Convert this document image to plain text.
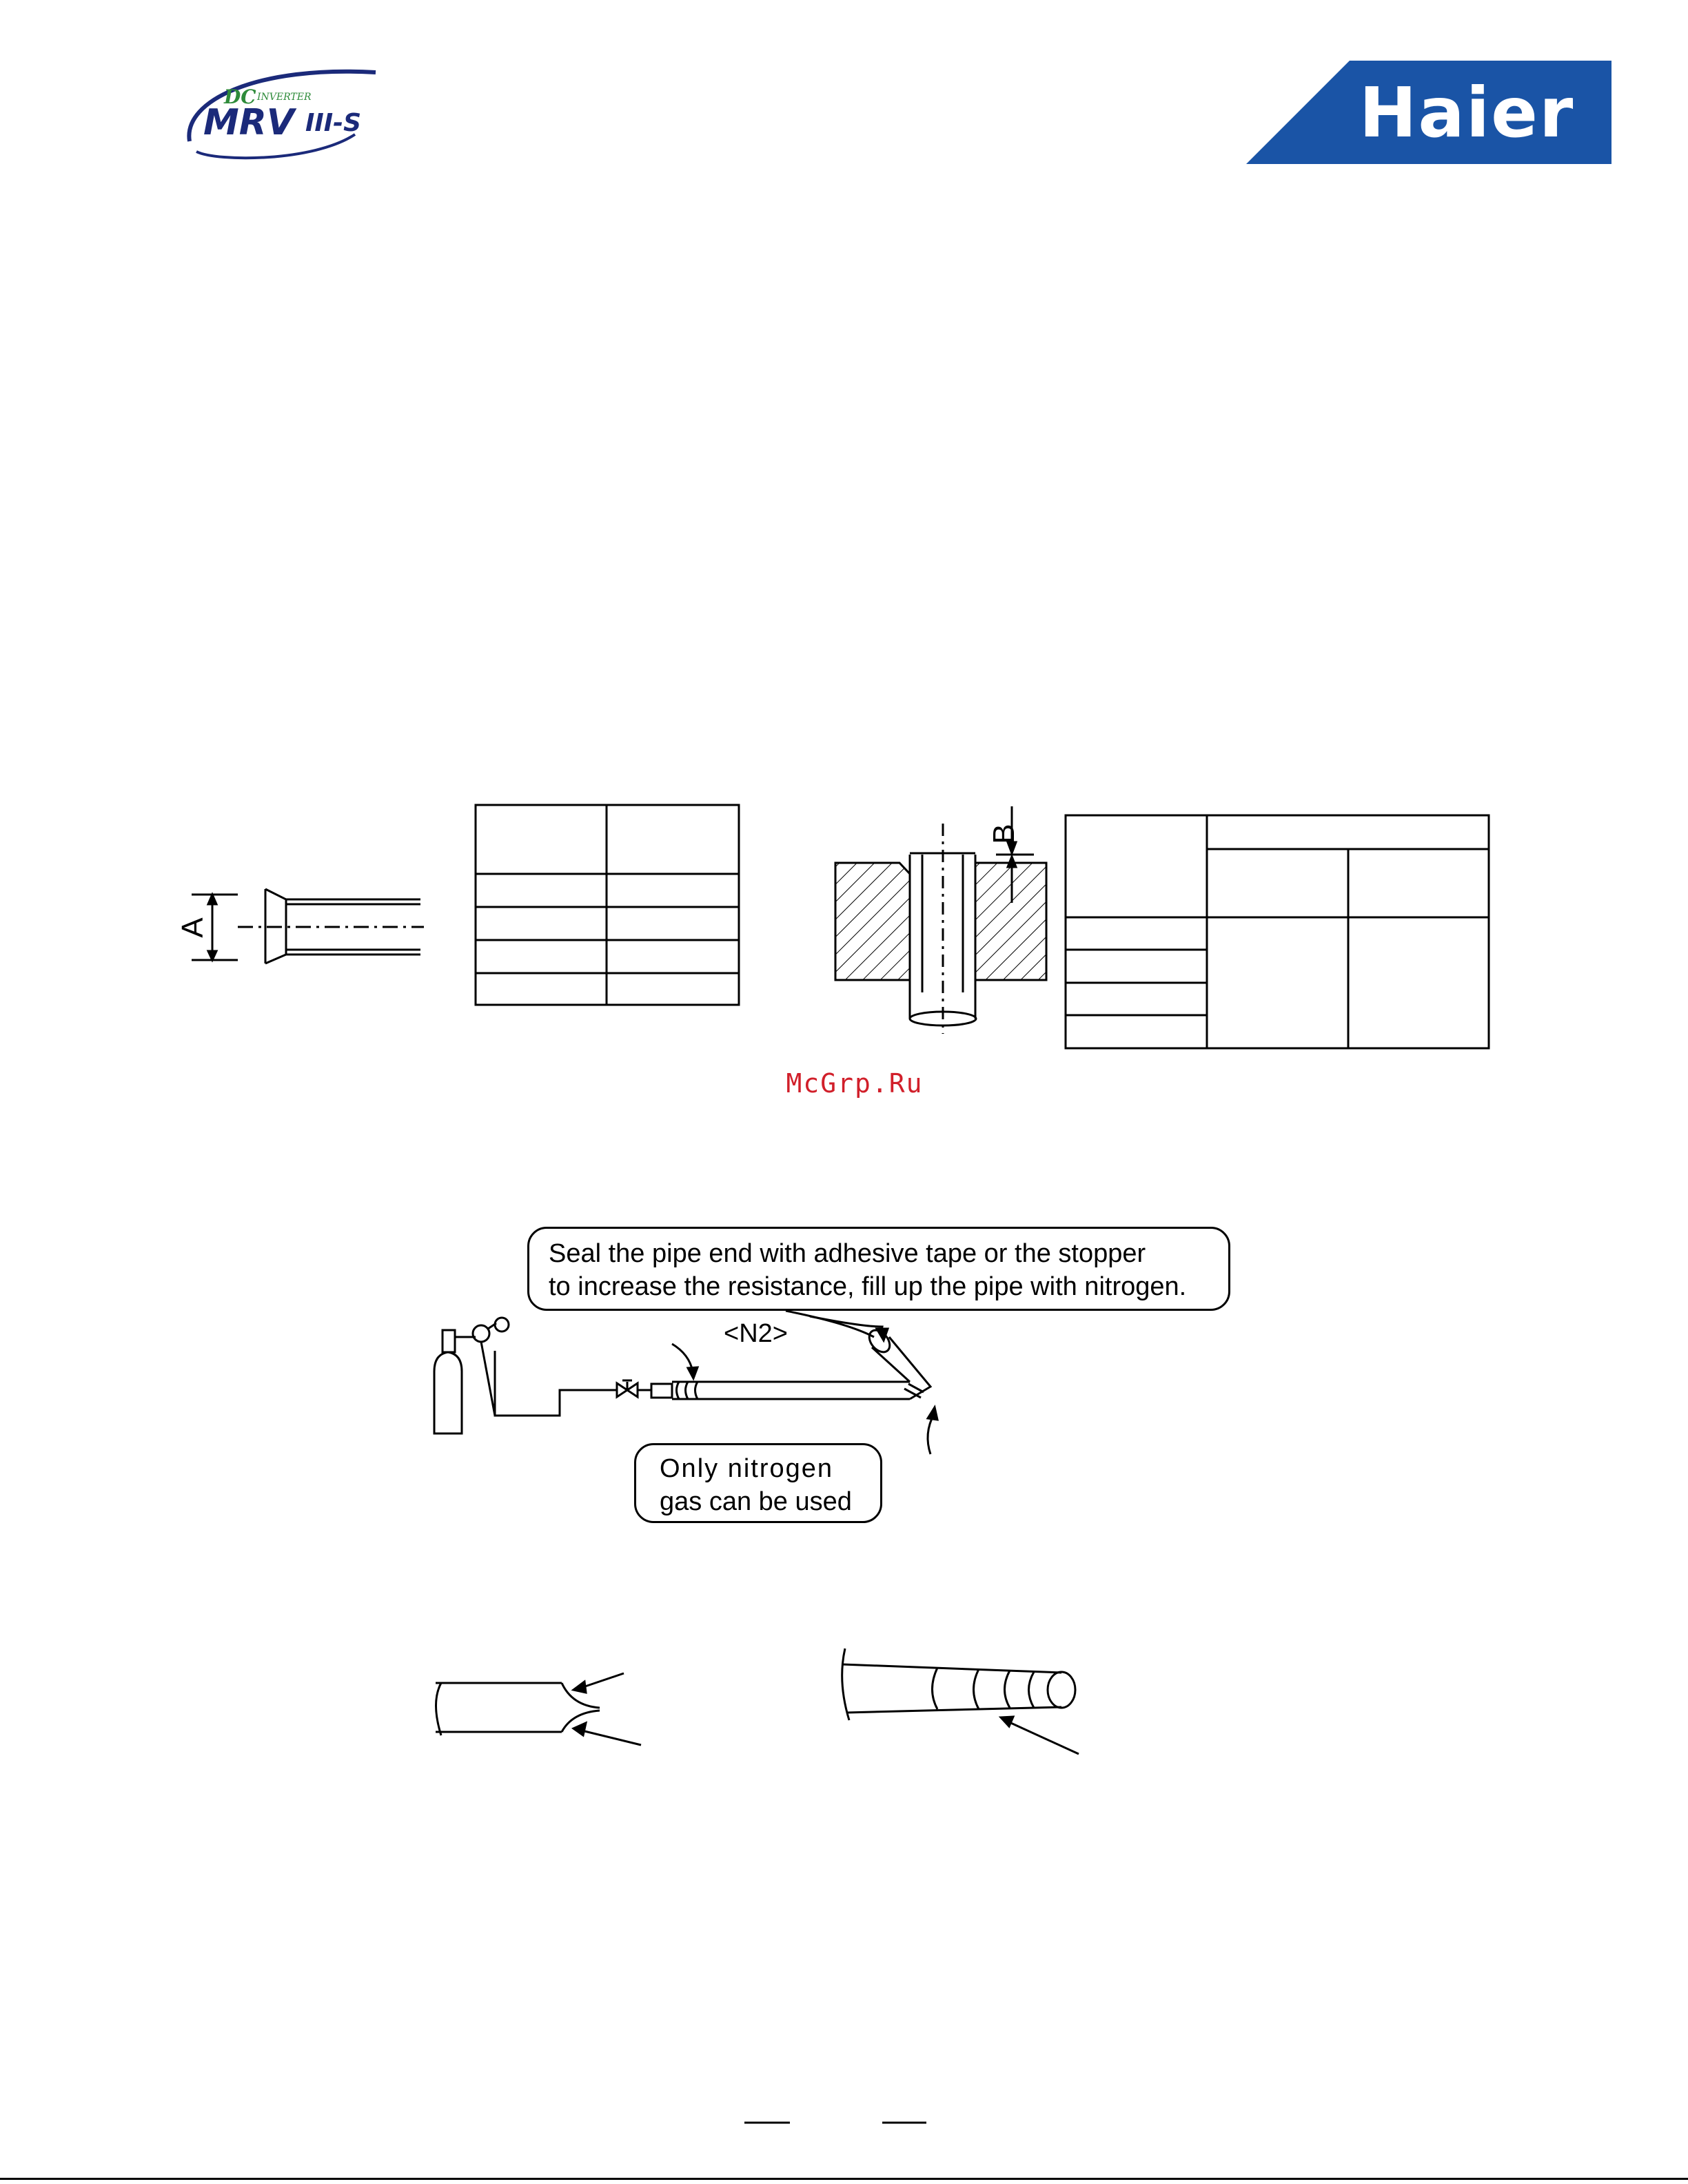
DC INVERTER
MRV III-S	Haier
A
B
McGrp.Ru
Seal the pipe end with adhesive tape or the stopper
to increase the resistance, fill up the pipe with nitrogen.
<N2>
Only nitrogen
gas can be used
